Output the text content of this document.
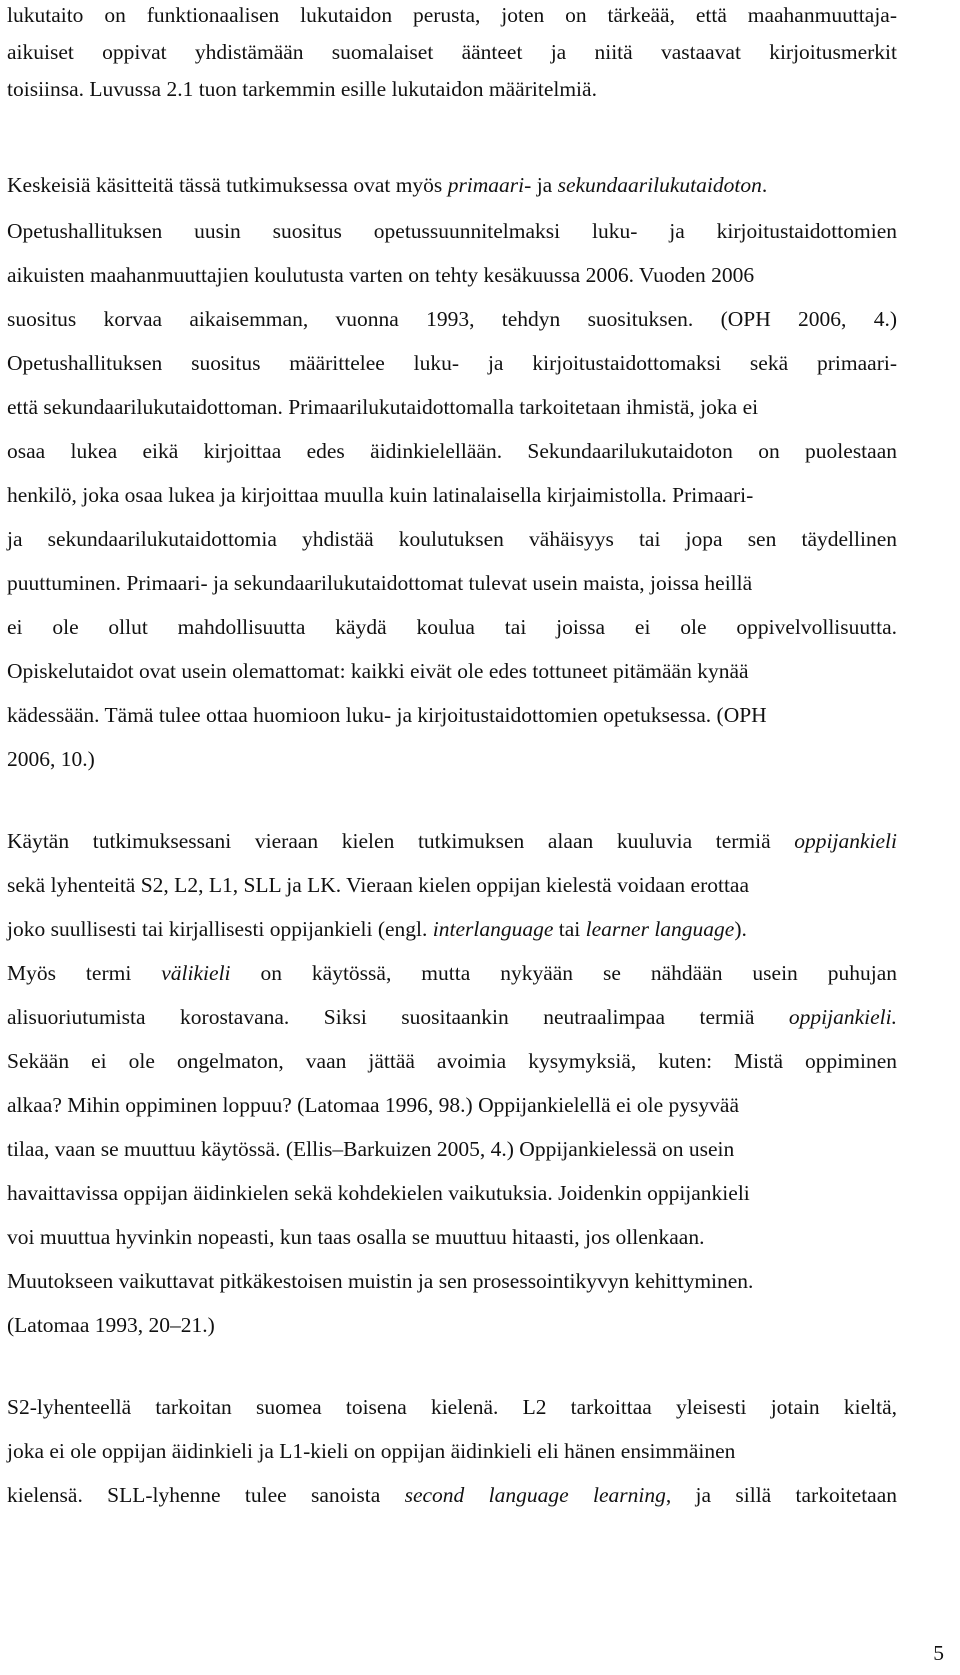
lukutaito on funktionaalisen lukutaidon perusta, joten on tärkeää, että maahanmuuttaja-
aikuiset oppivat yhdistämään suomalaiset äänteet ja niitä vastaavat kirjoitusmerkit
toisiinsa. Luvussa 2.1 tuon tarkemmin esille lukutaidon määritelmiä.
Keskeisiä käsitteitä tässä tutkimuksessa ovat myös primaari- ja sekundaarilukutaidoton.
Opetushallituksen uusin suositus opetussuunnitelmaksi luku- ja kirjoitustaidottomien
aikuisten maahanmuuttajien koulutusta varten on tehty kesäkuussa 2006. Vuoden 2006
suositus korvaa aikaisemman, vuonna 1993, tehdyn suosituksen. (OPH 2006, 4.)
Opetushallituksen suositus määrittelee luku- ja kirjoitustaidottomaksi sekä primaari-
että sekundaarilukutaidottoman. Primaarilukutaidottomalla tarkoitetaan ihmistä, joka ei
osaa lukea eikä kirjoittaa edes äidinkielellään. Sekundaarilukutaidoton on puolestaan
henkilö, joka osaa lukea ja kirjoittaa muulla kuin latinalaisella kirjaimistolla. Primaari-
ja sekundaarilukutaidottomia yhdistää koulutuksen vähäisyys tai jopa sen täydellinen
puuttuminen. Primaari- ja sekundaarilukutaidottomat tulevat usein maista, joissa heillä
ei ole ollut mahdollisuutta käydä koulua tai joissa ei ole oppivelvollisuutta.
Opiskelutaidot ovat usein olemattomat: kaikki eivät ole edes tottuneet pitämään kynää
kädessään. Tämä tulee ottaa huomioon luku- ja kirjoitustaidottomien opetuksessa. (OPH
2006, 10.)
Käytän tutkimuksessani vieraan kielen tutkimuksen alaan kuuluvia termiä oppijankieli
sekä lyhenteitä S2, L2, L1, SLL ja LK. Vieraan kielen oppijan kielestä voidaan erottaa
joko suullisesti tai kirjallisesti oppijankieli (engl. interlanguage tai learner language).
Myös termi välikieli on käytössä, mutta nykyään se nähdään usein puhujan
alisuoriutumista korostavana. Siksi suositaankin neutraalimpaa termiä oppijankieli.
Sekään ei ole ongelmaton, vaan jättää avoimia kysymyksiä, kuten: Mistä oppiminen
alkaa? Mihin oppiminen loppuu? (Latomaa 1996, 98.) Oppijankielellä ei ole pysyvää
tilaa, vaan se muuttuu käytössä. (Ellis–Barkuizen 2005, 4.) Oppijankielessä on usein
havaittavissa oppijan äidinkielen sekä kohdekielen vaikutuksia. Joidenkin oppijankieli
voi muuttua hyvinkin nopeasti, kun taas osalla se muuttuu hitaasti, jos ollenkaan.
Muutokseen vaikuttavat pitkäkestoisen muistin ja sen prosessointikyvyn kehittyminen.
(Latomaa 1993, 20–21.)
S2-lyhenteellä tarkoitan suomea toisena kielenä. L2 tarkoittaa yleisesti jotain kieltä,
joka ei ole oppijan äidinkieli ja L1-kieli on oppijan äidinkieli eli hänen ensimmäinen
kielensä. SLL-lyhenne tulee sanoista second language learning, ja sillä tarkoitetaan
5
